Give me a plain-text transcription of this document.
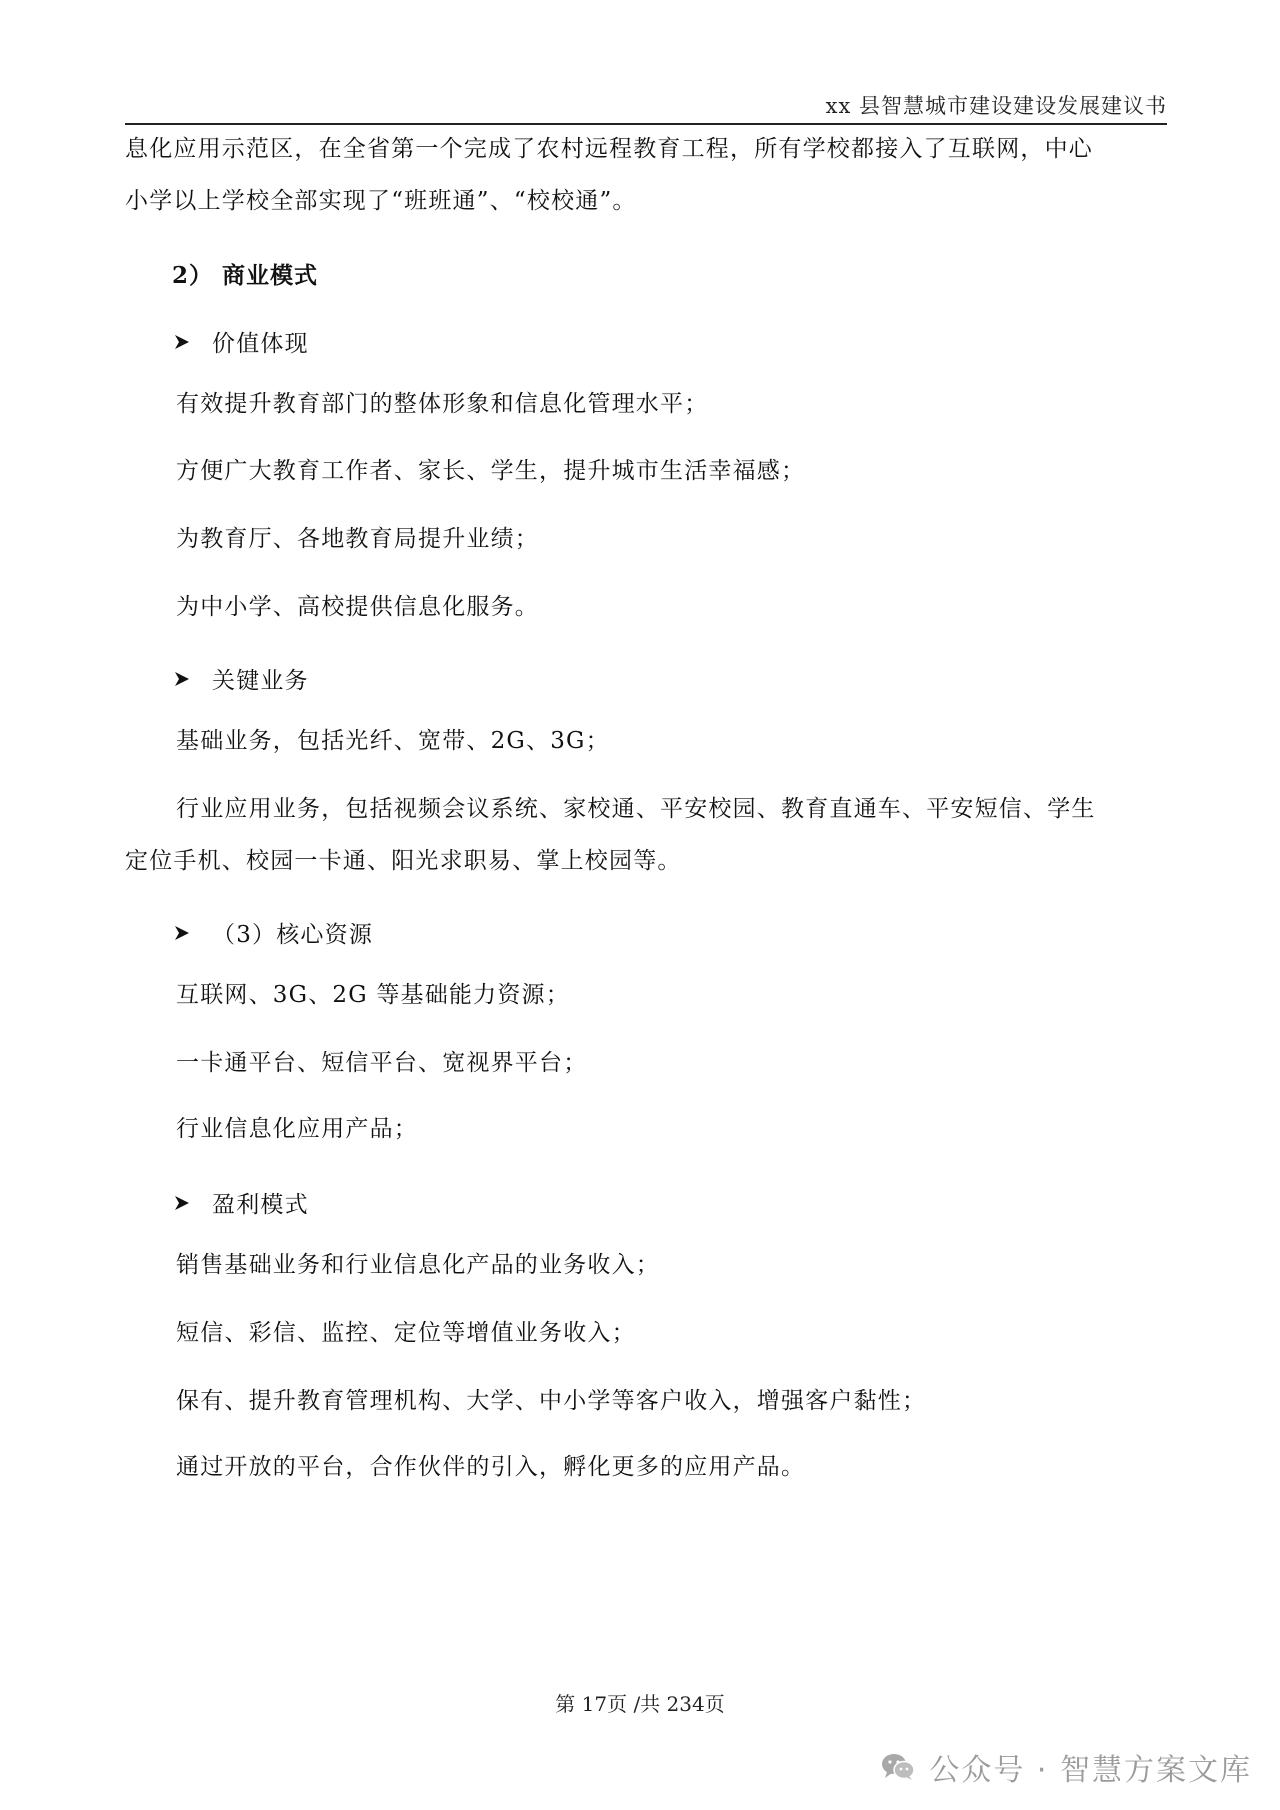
xx 县智慧城市建设建设发展建议书
息化应用示范区，在全省第一个完成了农村远程教育工程，所有学校都接入了互联网，中心
小学以上学校全部实现了“班班通”、“校校通”。
2） 商业模式
价值体现
有效提升教育部门的整体形象和信息化管理水平；
方便广大教育工作者、家长、学生，提升城市生活幸福感；
为教育厅、各地教育局提升业绩；
为中小学、高校提供信息化服务。
关键业务
基础业务，包括光纤、宽带、2G、3G；
行业应用业务，包括视频会议系统、家校通、平安校园、教育直通车、平安短信、学生
定位手机、校园一卡通、阳光求职易、掌上校园等。
（3）核心资源
互联网、3G、2G 等基础能力资源；
一卡通平台、短信平台、宽视界平台；
行业信息化应用产品；
盈利模式
销售基础业务和行业信息化产品的业务收入；
短信、彩信、监控、定位等增值业务收入；
保有、提升教育管理机构、大学、中小学等客户收入，增强客户黏性；
通过开放的平台，合作伙伴的引入，孵化更多的应用产品。
第 17页 /共 234页
公众号 · 智慧方案文库
